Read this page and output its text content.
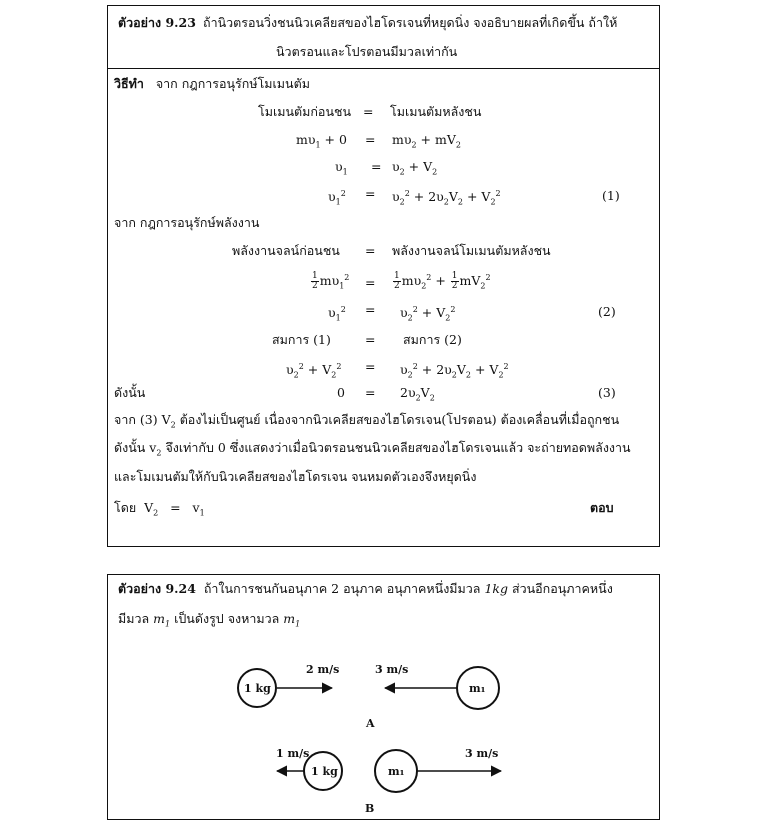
ตัวอย่าง 9.23 ถ้านิวตรอนวิ่งชนนิวเคลียสของไฮโดรเจนที่หยุดนิ่ง จงอธิบายผลที่เกิดขึ้น ถ้าให้
นิวตรอนและโปรตอนมีมวลเท่ากัน
วิธีทำ จาก กฎการอนุรักษ์โมเมนตัม
โมเมนตัมก่อนชน = โมเมนตัมหลังชน
$m\upsilon_1 + 0 = m\upsilon_2 + mV_2$
$\upsilon_1 = \upsilon_2 + V_2$
$\upsilon_1^2 = \upsilon_2^2 + 2\upsilon_2V_2 + V_2^2$	(1)
จาก กฎการอนุรักษ์พลังงาน
พลังงานจลน์ก่อนชน = พลังงานจลน์โมเมนตัมหลังชน
$\frac{1}{2} m\upsilon_1^2 = \frac{1}{2} m\upsilon_2^2 + \frac{1}{2} mV_2^2$
$\upsilon_1^2 = \upsilon_2^2 + V_2^2$	(2)
สมการ (1)	= สมการ (2)
$\upsilon_2^2 + V_2^2 = \upsilon_2^2 + 2\upsilon_2V_2 + V_2^2$
ดังนั้น	$0 = 2\upsilon_2V_2$	(3)
จาก (3) $V_2$ ต้องไม่เป็นศูนย์ เนื่องจากนิวเคลียสของไฮโดรเจน(โปรตอน) ต้องเคลื่อนที่เมื่อถูกชน
ดังนั้น $v_2$ จึงเท่ากับ 0 ซึ่งแสดงว่าเมื่อนิวตรอนชนนิวเคลียสของไฮโดรเจนแล้ว จะถ่ายทอดพลังงาน
และโมเมนตัมให้กับนิวเคลียสของไฮโดรเจน จนหมดตัวเองจึงหยุดนิ่ง
โดย  $V_2 = v_1$	ตอบ
ตัวอย่าง 9.24 ถ้าในการชนกันอนุภาค 2 อนุภาค อนุภาคหนึ่งมีมวล 1kg ส่วนอีกอนุภาคหนึ่ง
มีมวล $m_1$ เป็นดังรูป จงหามวล $m_1$
1 kg	m₁
2 m/s	3 m/s
A
1 kg	m₁
1 m/s	3 m/s
B
